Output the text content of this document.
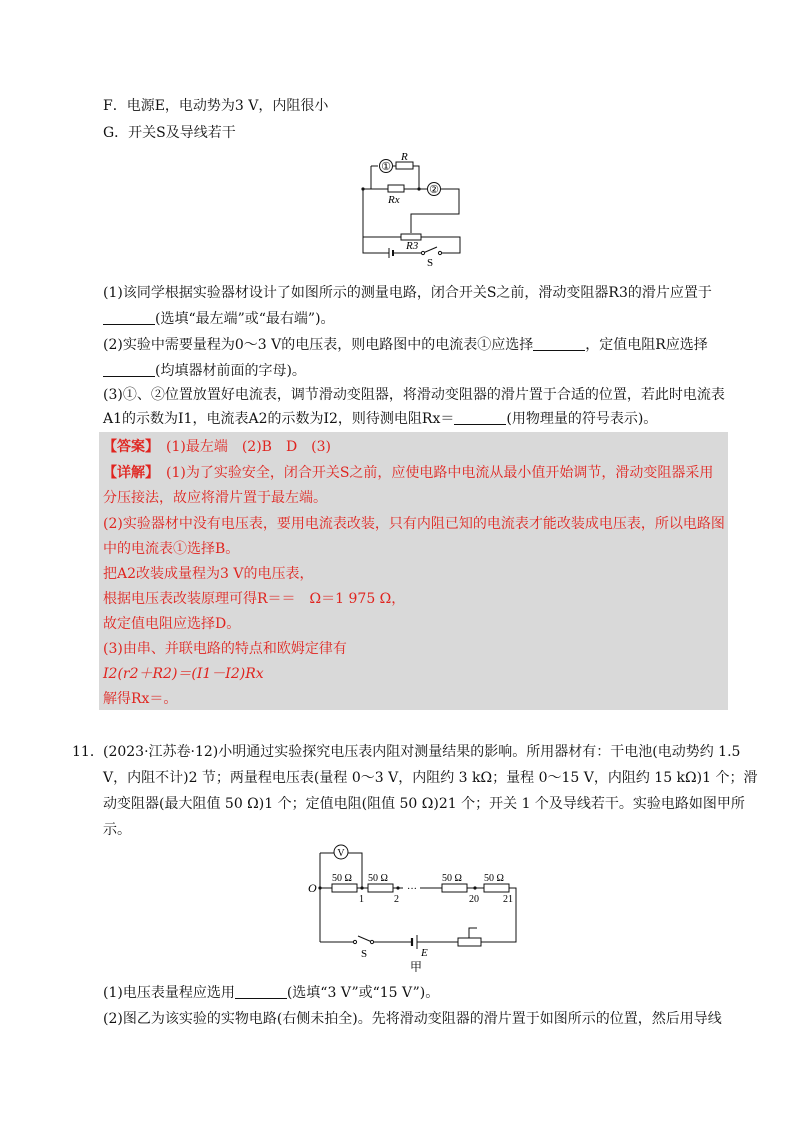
F．电源E，电动势为3 V，内阻很小
G．开关S及导线若干
①
②
R
Rx
R3
S
(1)该同学根据实验器材设计了如图所示的测量电路，闭合开关S之前，滑动变阻器R3的滑片应置于
(选填“最左端”或“最右端”)。
(2)实验中需要量程为0～3 V的电压表，则电路图中的电流表①应选择	，定值电阻R应选择
(均填器材前面的字母)。
(3)①、②位置放置好电流表，调节滑动变阻器，将滑动变阻器的滑片置于合适的位置，若此时电流表
A1的示数为I1，电流表A2的示数为I2，则待测电阻Rx＝	(用物理量的符号表示)。
【答案】　 (1)最左端　(2)B　D　(3)
【详解】　 (1)为了实验安全，闭合开关S之前，应使电路中电流从最小值开始调节，滑动变阻器采用
分压接法，故应将滑片置于最左端。
(2)实验器材中没有电压表，要用电流表改装，只有内阻已知的电流表才能改装成电压表，所以电路图
中的电流表①选择B。
把A2改装成量程为3 V的电压表，
根据电压表改装原理可得R＝＝　Ω＝1 975 Ω，
故定值电阻应选择D。
(3)由串、并联电路的特点和欧姆定律有
I2(r2＋R2)＝(I1－I2)Rx
解得Rx＝。
11． (2023·江苏卷·12)小明通过实验探究电压表内阻对测量结果的影响。所用器材有：干电池(电动势约 1.5
V，内阻不计)2 节；两量程电压表(量程 0～3 V，内阻约 3 kΩ；量程 0～15 V，内阻约 15 kΩ)1 个；滑
动变阻器(最大阻值 50 Ω)1 个；定值电阻(阻值 50 Ω)21 个；开关 1 个及导线若干。实验电路如图甲所
示。
V
O
50 Ω 50 Ω	50 Ω 50 Ω
···
1	2	20 21
S	E
甲
(1)电压表量程应选用	(选填“3 V”或“15 V”)。
(2)图乙为该实验的实物电路(右侧未拍全)。先将滑动变阻器的滑片置于如图所示的位置，然后用导线
